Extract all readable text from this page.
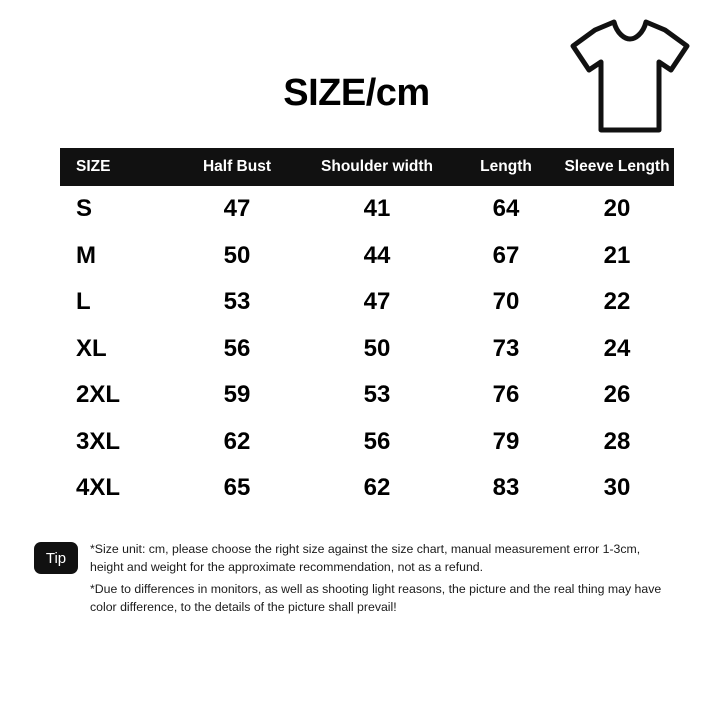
SIZE/cm
SIZE	Half Bust	Shoulder width	Length	Sleeve Length
S	47	41	64	20
M	50	44	67	21
L	53	47	70	22
XL	56	50	73	24
2XL	59	53	76	26
3XL	62	56	79	28
4XL	65	62	83	30
Tip

*Size unit: cm, please choose the right size against the size chart, manual measurement error 1-3cm, height and weight for the approximate recommendation, not as a refund.

*Due to differences in monitors, as well as shooting light reasons, the picture and the real thing may have color difference, to the details of the picture shall prevail!
